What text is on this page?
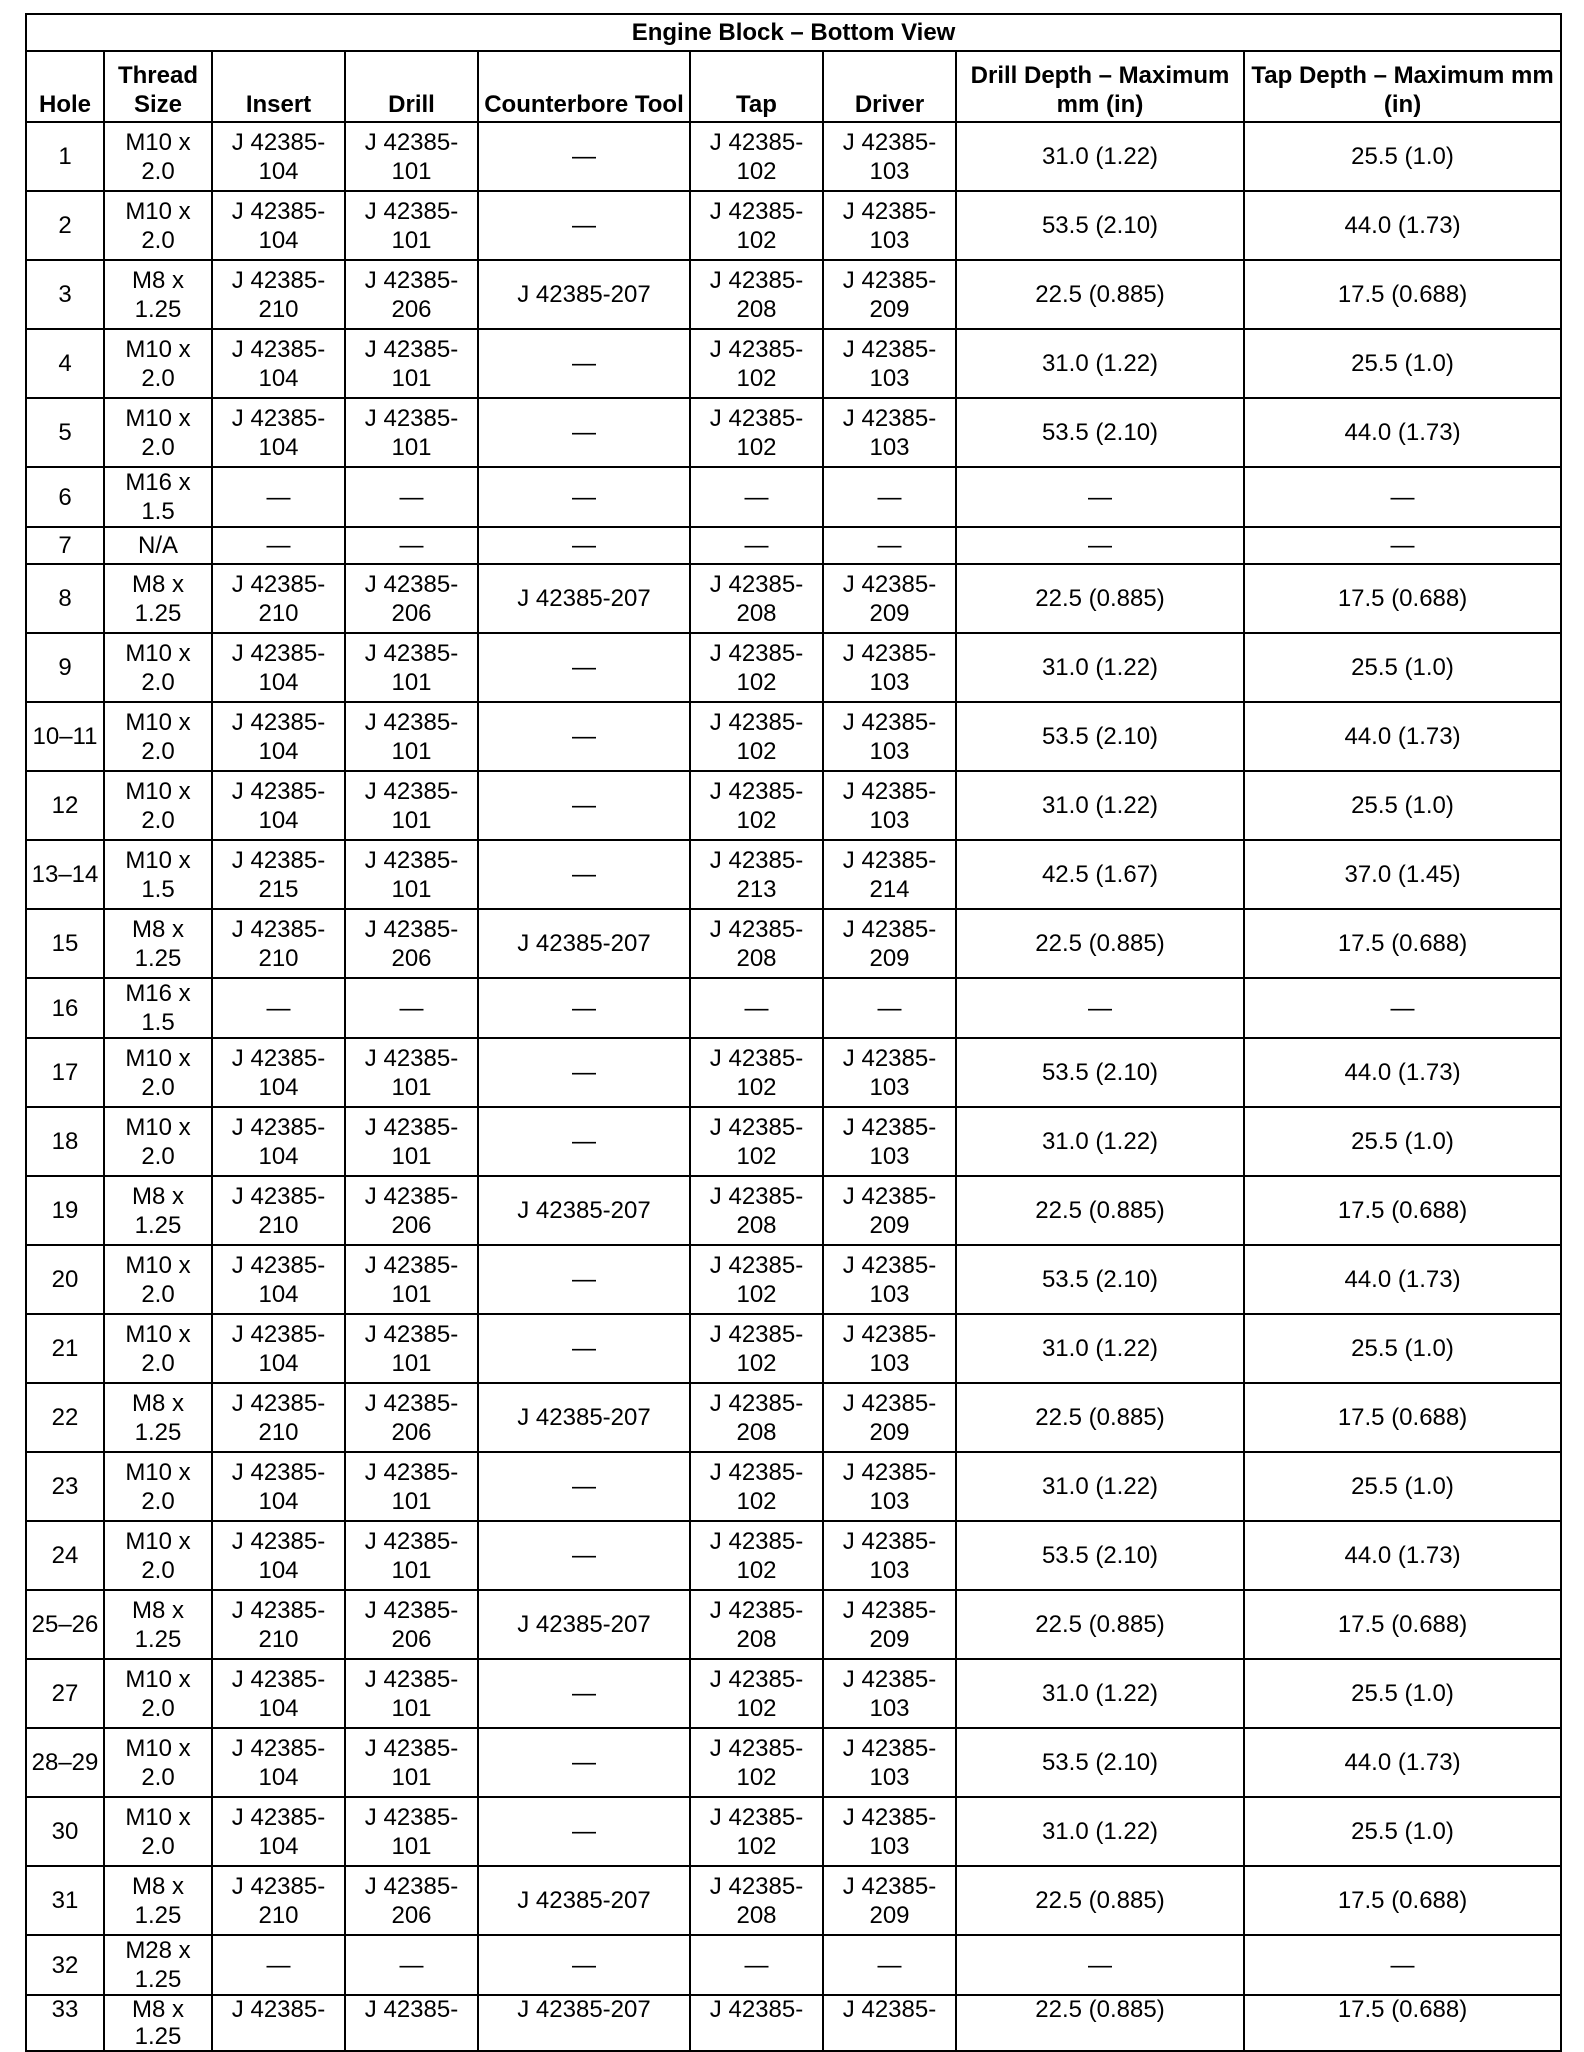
Engine Block – Bottom View								
Hole	Thread Size	Insert	Drill	Counterbore Tool	Tap	Driver	Drill Depth – Maximum mm (in)	Tap Depth – Maximum mm (in)
1	M10 x 2.0	J 42385-104	J 42385-101	—	J 42385-102	J 42385-103	31.0 (1.22)	25.5 (1.0)
2	M10 x 2.0	J 42385-104	J 42385-101	—	J 42385-102	J 42385-103	53.5 (2.10)	44.0 (1.73)
3	M8 x 1.25	J 42385-210	J 42385-206	J 42385-207	J 42385-208	J 42385-209	22.5 (0.885)	17.5 (0.688)
4	M10 x 2.0	J 42385-104	J 42385-101	—	J 42385-102	J 42385-103	31.0 (1.22)	25.5 (1.0)
5	M10 x 2.0	J 42385-104	J 42385-101	—	J 42385-102	J 42385-103	53.5 (2.10)	44.0 (1.73)
6	M16 x 1.5	—	—	—	—	—	—	—
7	N/A	—	—	—	—	—	—	—
8	M8 x 1.25	J 42385-210	J 42385-206	J 42385-207	J 42385-208	J 42385-209	22.5 (0.885)	17.5 (0.688)
9	M10 x 2.0	J 42385-104	J 42385-101	—	J 42385-102	J 42385-103	31.0 (1.22)	25.5 (1.0)
10–11	M10 x 2.0	J 42385-104	J 42385-101	—	J 42385-102	J 42385-103	53.5 (2.10)	44.0 (1.73)
12	M10 x 2.0	J 42385-104	J 42385-101	—	J 42385-102	J 42385-103	31.0 (1.22)	25.5 (1.0)
13–14	M10 x 1.5	J 42385-215	J 42385-101	—	J 42385-213	J 42385-214	42.5 (1.67)	37.0 (1.45)
15	M8 x 1.25	J 42385-210	J 42385-206	J 42385-207	J 42385-208	J 42385-209	22.5 (0.885)	17.5 (0.688)
16	M16 x 1.5	—	—	—	—	—	—	—
17	M10 x 2.0	J 42385-104	J 42385-101	—	J 42385-102	J 42385-103	53.5 (2.10)	44.0 (1.73)
18	M10 x 2.0	J 42385-104	J 42385-101	—	J 42385-102	J 42385-103	31.0 (1.22)	25.5 (1.0)
19	M8 x 1.25	J 42385-210	J 42385-206	J 42385-207	J 42385-208	J 42385-209	22.5 (0.885)	17.5 (0.688)
20	M10 x 2.0	J 42385-104	J 42385-101	—	J 42385-102	J 42385-103	53.5 (2.10)	44.0 (1.73)
21	M10 x 2.0	J 42385-104	J 42385-101	—	J 42385-102	J 42385-103	31.0 (1.22)	25.5 (1.0)
22	M8 x 1.25	J 42385-210	J 42385-206	J 42385-207	J 42385-208	J 42385-209	22.5 (0.885)	17.5 (0.688)
23	M10 x 2.0	J 42385-104	J 42385-101	—	J 42385-102	J 42385-103	31.0 (1.22)	25.5 (1.0)
24	M10 x 2.0	J 42385-104	J 42385-101	—	J 42385-102	J 42385-103	53.5 (2.10)	44.0 (1.73)
25–26	M8 x 1.25	J 42385-210	J 42385-206	J 42385-207	J 42385-208	J 42385-209	22.5 (0.885)	17.5 (0.688)
27	M10 x 2.0	J 42385-104	J 42385-101	—	J 42385-102	J 42385-103	31.0 (1.22)	25.5 (1.0)
28–29	M10 x 2.0	J 42385-104	J 42385-101	—	J 42385-102	J 42385-103	53.5 (2.10)	44.0 (1.73)
30	M10 x 2.0	J 42385-104	J 42385-101	—	J 42385-102	J 42385-103	31.0 (1.22)	25.5 (1.0)
31	M8 x 1.25	J 42385-210	J 42385-206	J 42385-207	J 42385-208	J 42385-209	22.5 (0.885)	17.5 (0.688)
32	M28 x 1.25	—	—	—	—	—	—	—
33	M8 x 1.25	J 42385-	J 42385-	J 42385-207	J 42385-	J 42385-	22.5 (0.885)	17.5 (0.688)
